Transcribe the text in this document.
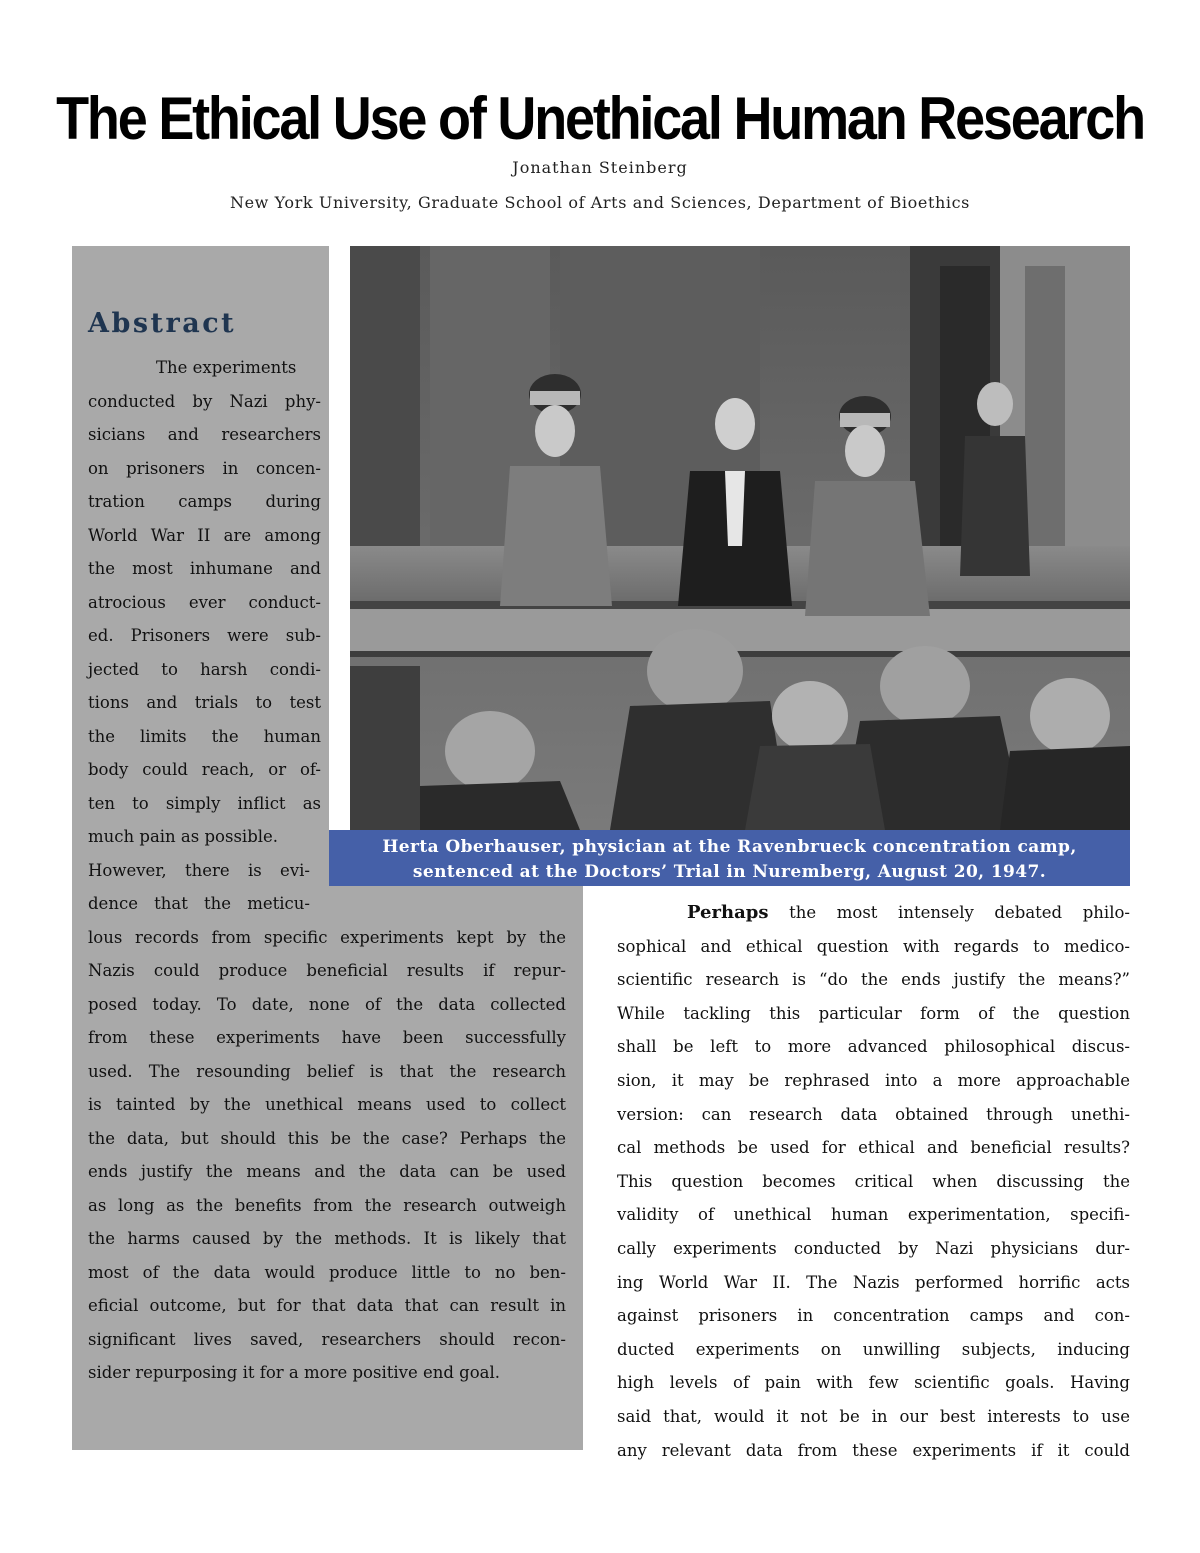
The Ethical Use of Unethical Human Research
Jonathan Steinberg
New York University, Graduate School of Arts and Sciences, Department of Bioethics
Abstract
The experiments
conducted by Nazi phy-
sicians and researchers
on prisoners in concen-
tration camps during
World War II are among
the most inhumane and
atrocious ever conduct-
ed. Prisoners were sub-
jected to harsh condi-
tions and trials to test
the limits the human
body could reach, or of-
ten to simply inflict as
much pain as possible.
However, there is evi-
dence that the meticu-
lous records from specific experiments kept by the
Nazis could produce beneficial results if repur-
posed today. To date, none of the data collected
from these experiments have been successfully
used. The resounding belief is that the research
is tainted by the unethical means used to collect
the data, but should this be the case? Perhaps the
ends justify the means and the data can be used
as long as the benefits from the research outweigh
the harms caused by the methods. It is likely that
most of the data would produce little to no ben-
eficial outcome, but for that data that can result in
significant lives saved, researchers should recon-
sider repurposing it for a more positive end goal.
Herta Oberhauser, physician at the Ravenbrueck concentration camp,
sentenced at the Doctors’ Trial in Nuremberg, August 20, 1947.
Perhaps the most intensely debated philo-
sophical and ethical question with regards to medico-
scientific research is “do the ends justify the means?”
While tackling this particular form of the question
shall be left to more advanced philosophical discus-
sion, it may be rephrased into a more approachable
version: can research data obtained through unethi-
cal methods be used for ethical and beneficial results?
This question becomes critical when discussing the
validity of unethical human experimentation, specifi-
cally experiments conducted by Nazi physicians dur-
ing World War II. The Nazis performed horrific acts
against prisoners in concentration camps and con-
ducted experiments on unwilling subjects, inducing
high levels of pain with few scientific goals. Having
said that, would it not be in our best interests to use
any relevant data from these experiments if it could
